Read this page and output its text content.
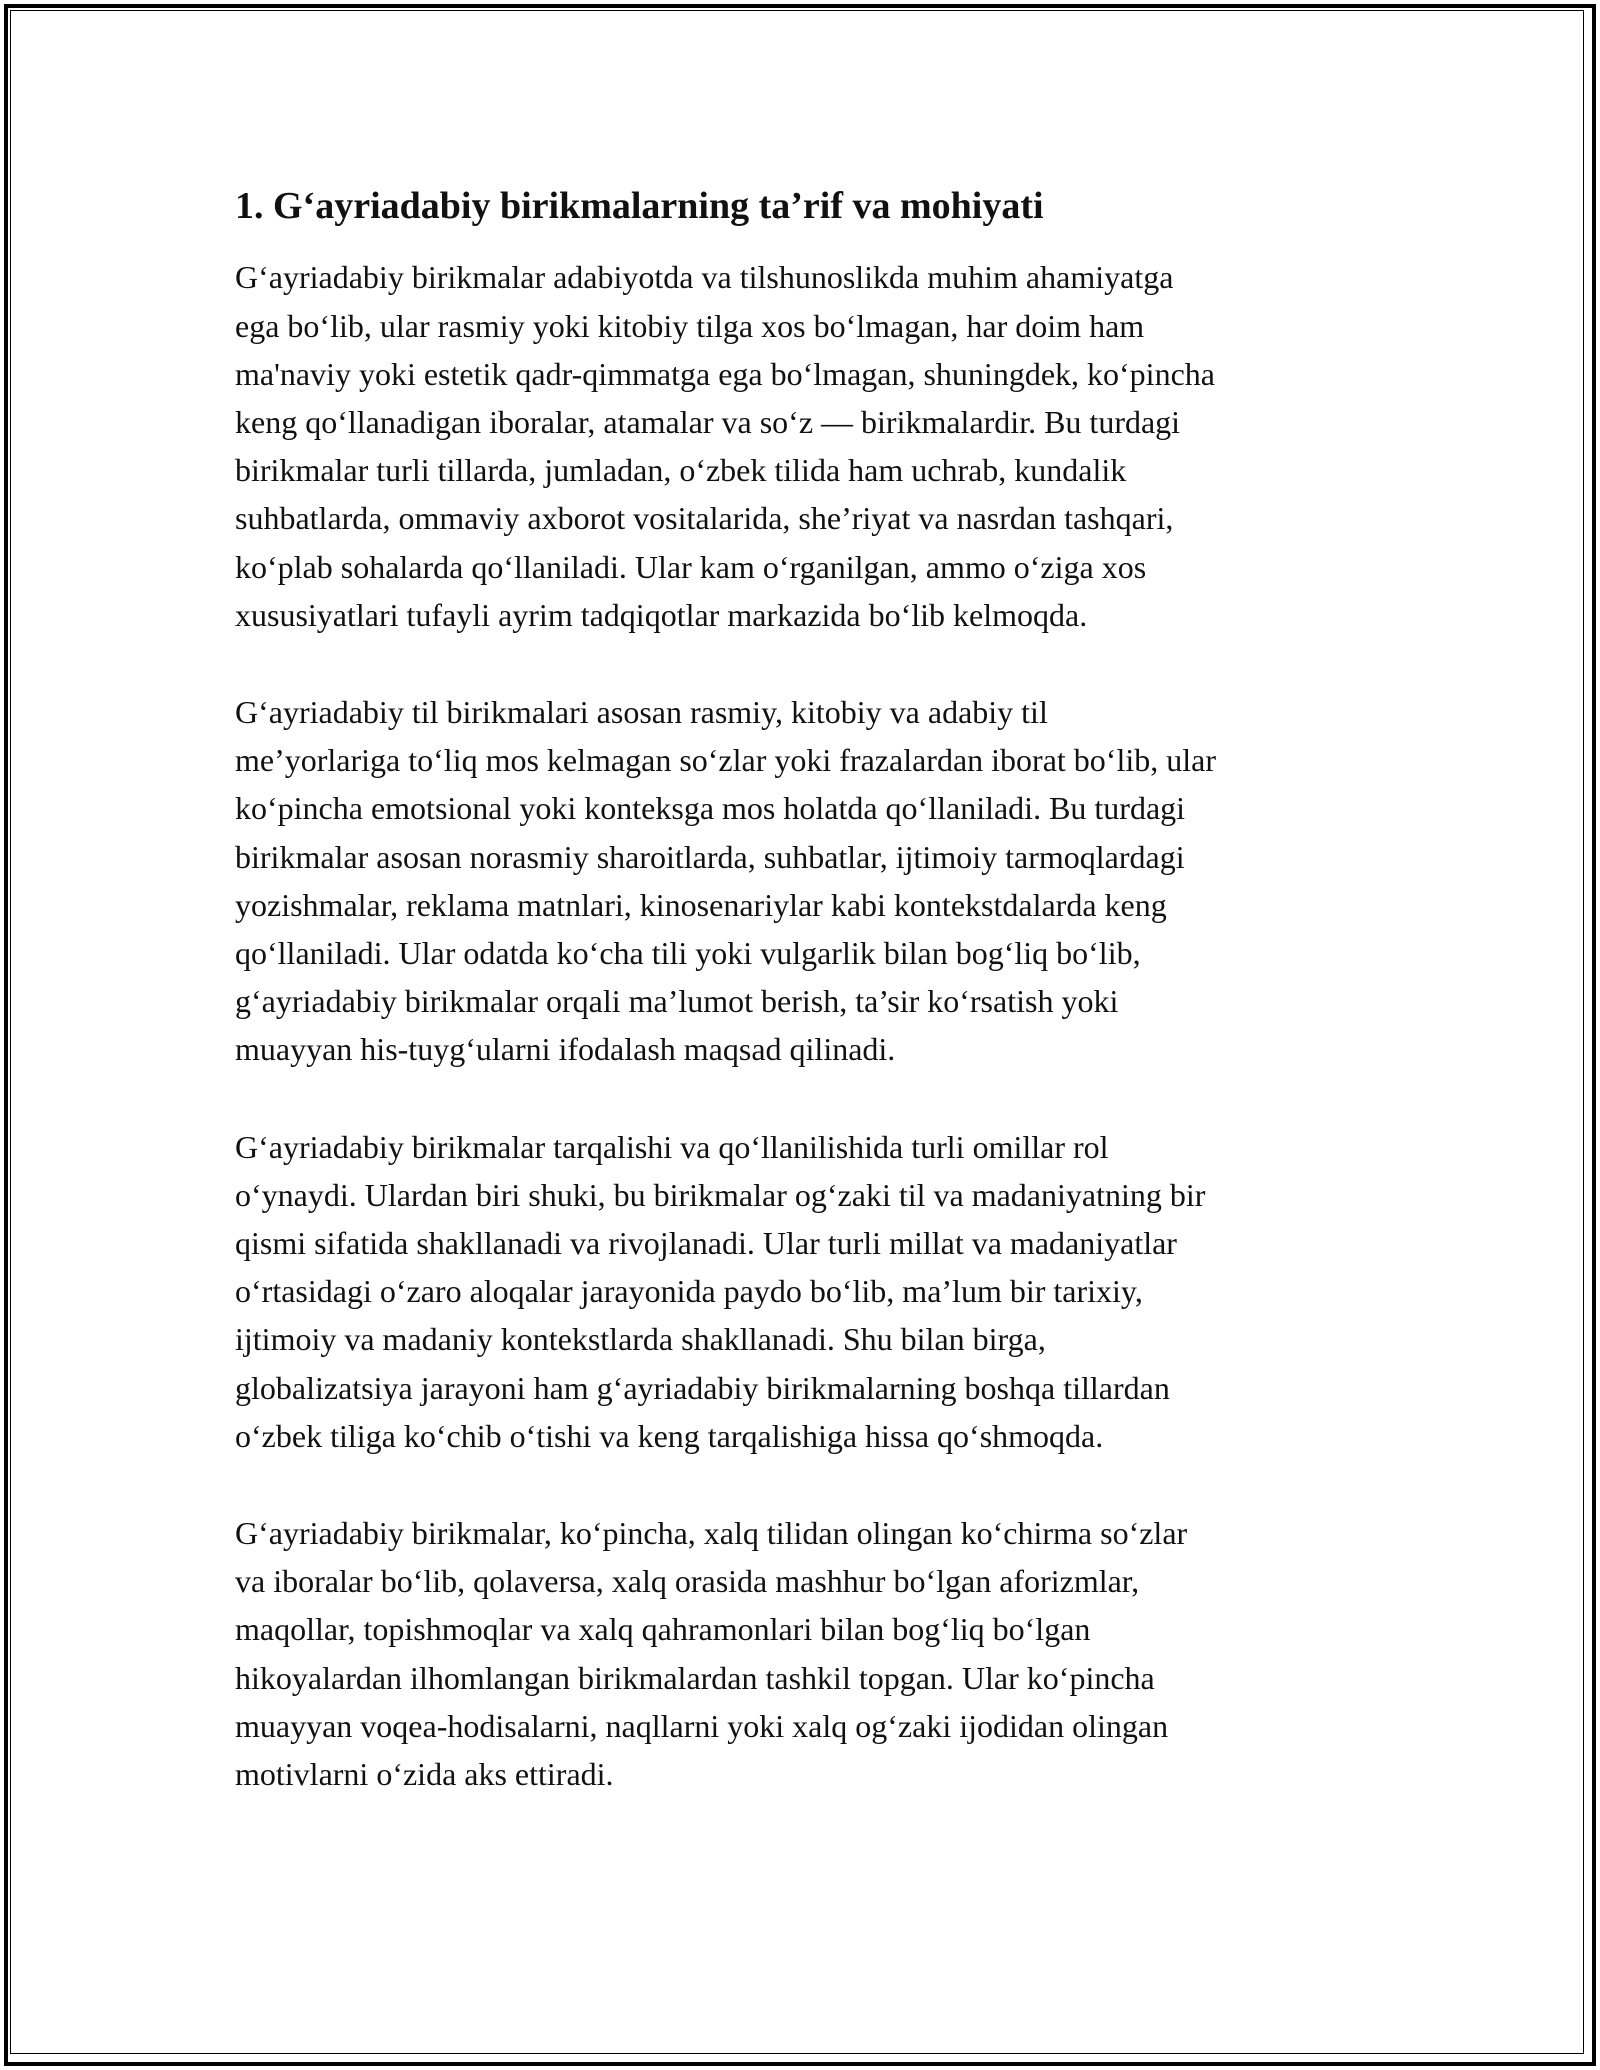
1. G‘ayriadabiy birikmalarning ta’rif va mohiyati

G‘ayriadabiy birikmalar adabiyotda va tilshunoslikda muhim ahamiyatga
ega bo‘lib, ular rasmiy yoki kitobiy tilga xos bo‘lmagan, har doim ham
ma'naviy yoki estetik qadr-qimmatga ega bo‘lmagan, shuningdek, ko‘pincha
keng qo‘llanadigan iboralar, atamalar va so‘z — birikmalardir. Bu turdagi
birikmalar turli tillarda, jumladan, o‘zbek tilida ham uchrab, kundalik
suhbatlarda, ommaviy axborot vositalarida, she’riyat va nasrdan tashqari,
ko‘plab sohalarda qo‘llaniladi. Ular kam o‘rganilgan, ammo o‘ziga xos
xususiyatlari tufayli ayrim tadqiqotlar markazida bo‘lib kelmoqda.

G‘ayriadabiy til birikmalari asosan rasmiy, kitobiy va adabiy til
me’yorlariga to‘liq mos kelmagan so‘zlar yoki frazalardan iborat bo‘lib, ular
ko‘pincha emotsional yoki konteksga mos holatda qo‘llaniladi. Bu turdagi
birikmalar asosan norasmiy sharoitlarda, suhbatlar, ijtimoiy tarmoqlardagi
yozishmalar, reklama matnlari, kinosenariylar kabi kontekstdalarda keng
qo‘llaniladi. Ular odatda ko‘cha tili yoki vulgarlik bilan bog‘liq bo‘lib,
g‘ayriadabiy birikmalar orqali ma’lumot berish, ta’sir ko‘rsatish yoki
muayyan his-tuyg‘ularni ifodalash maqsad qilinadi.

G‘ayriadabiy birikmalar tarqalishi va qo‘llanilishida turli omillar rol
o‘ynaydi. Ulardan biri shuki, bu birikmalar og‘zaki til va madaniyatning bir
qismi sifatida shakllanadi va rivojlanadi. Ular turli millat va madaniyatlar
o‘rtasidagi o‘zaro aloqalar jarayonida paydo bo‘lib, ma’lum bir tarixiy,
ijtimoiy va madaniy kontekstlarda shakllanadi. Shu bilan birga,
globalizatsiya jarayoni ham g‘ayriadabiy birikmalarning boshqa tillardan
o‘zbek tiliga ko‘chib o‘tishi va keng tarqalishiga hissa qo‘shmoqda.

G‘ayriadabiy birikmalar, ko‘pincha, xalq tilidan olingan ko‘chirma so‘zlar
va iboralar bo‘lib, qolaversa, xalq orasida mashhur bo‘lgan aforizmlar,
maqollar, topishmoqlar va xalq qahramonlari bilan bog‘liq bo‘lgan
hikoyalardan ilhomlangan birikmalardan tashkil topgan. Ular ko‘pincha
muayyan voqea-hodisalarni, naqllarni yoki xalq og‘zaki ijodidan olingan
motivlarni o‘zida aks ettiradi.
